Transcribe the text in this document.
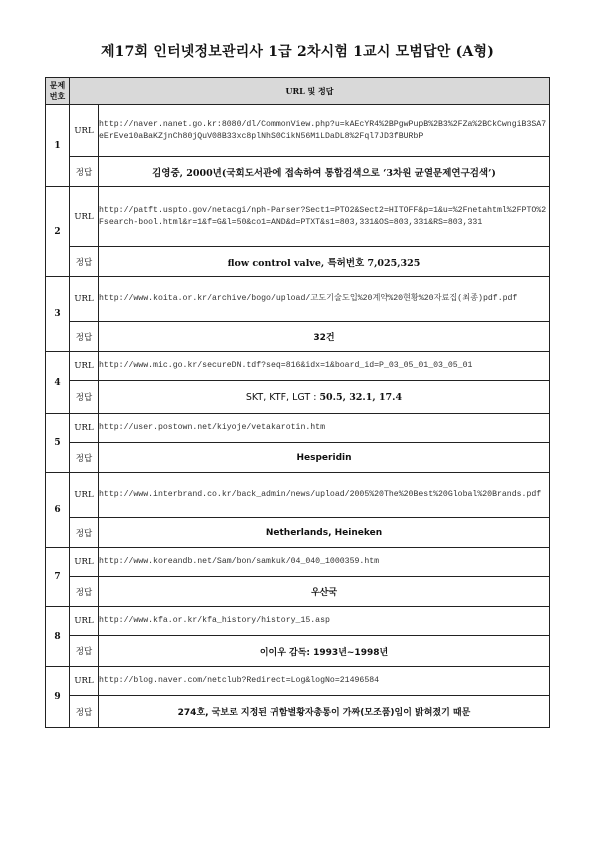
제17회 인터넷정보관리사 1급 2차시험 1교시 모범답안 (A형)
문제
번호	URL 및 정답	
1	URL	http://naver.nanet.go.kr:8080/dl/CommonView.php?u=kAEcYR4%2BPgwPupB%2B3%2FZa%2BCkCwngiB3SA7eErEve10aBaKZjnCh80jQuV08B33xc8plNhS0CikN56M1LDaDL8%2Fql7JD3fBURbP
	정답	김영중, 2000년(국회도서관에 접속하여 통합검색으로 ‘3차원 균열문제연구검색’)
2	URL	http://patft.uspto.gov/netacgi/nph-Parser?Sect1=PTO2&Sect2=HITOFF&p=1&u=%2Fnetahtml%2FPTO%2Fsearch-bool.html&r=1&f=G&l=50&co1=AND&d=PTXT&s1=803,331&OS=803,331&RS=803,331
	정답	flow control valve, 특허번호 7,025,325
3	URL	http://www.koita.or.kr/archive/bogo/upload/고도기술도입%20계약%20현황%20자료집(최종)pdf.pdf
	정답	32건
4	URL	http://www.mic.go.kr/secureDN.tdf?seq=816&idx=1&board_id=P_03_05_01_03_05_01
	정답	SKT, KTF, LGT : 50.5, 32.1, 17.4
5	URL	http://user.postown.net/kiyoje/vetakarotin.htm
	정답	Hesperidin
6	URL	http://www.interbrand.co.kr/back_admin/news/upload/2005%20The%20Best%20Global%20Brands.pdf
	정답	Netherlands, Heineken
7	URL	http://www.koreandb.net/Sam/bon/samkuk/04_040_1000359.htm
	정답	우산국
8	URL	http://www.kfa.or.kr/kfa_history/history_15.asp
	정답	이이우 감독: 1993년~1998년
9	URL	http://blog.naver.com/netclub?Redirect=Log&logNo=21496584
	정답	274호, 국보로 지정된 귀함별황자총통이 가짜(모조품)임이 밝혀졌기 때문
